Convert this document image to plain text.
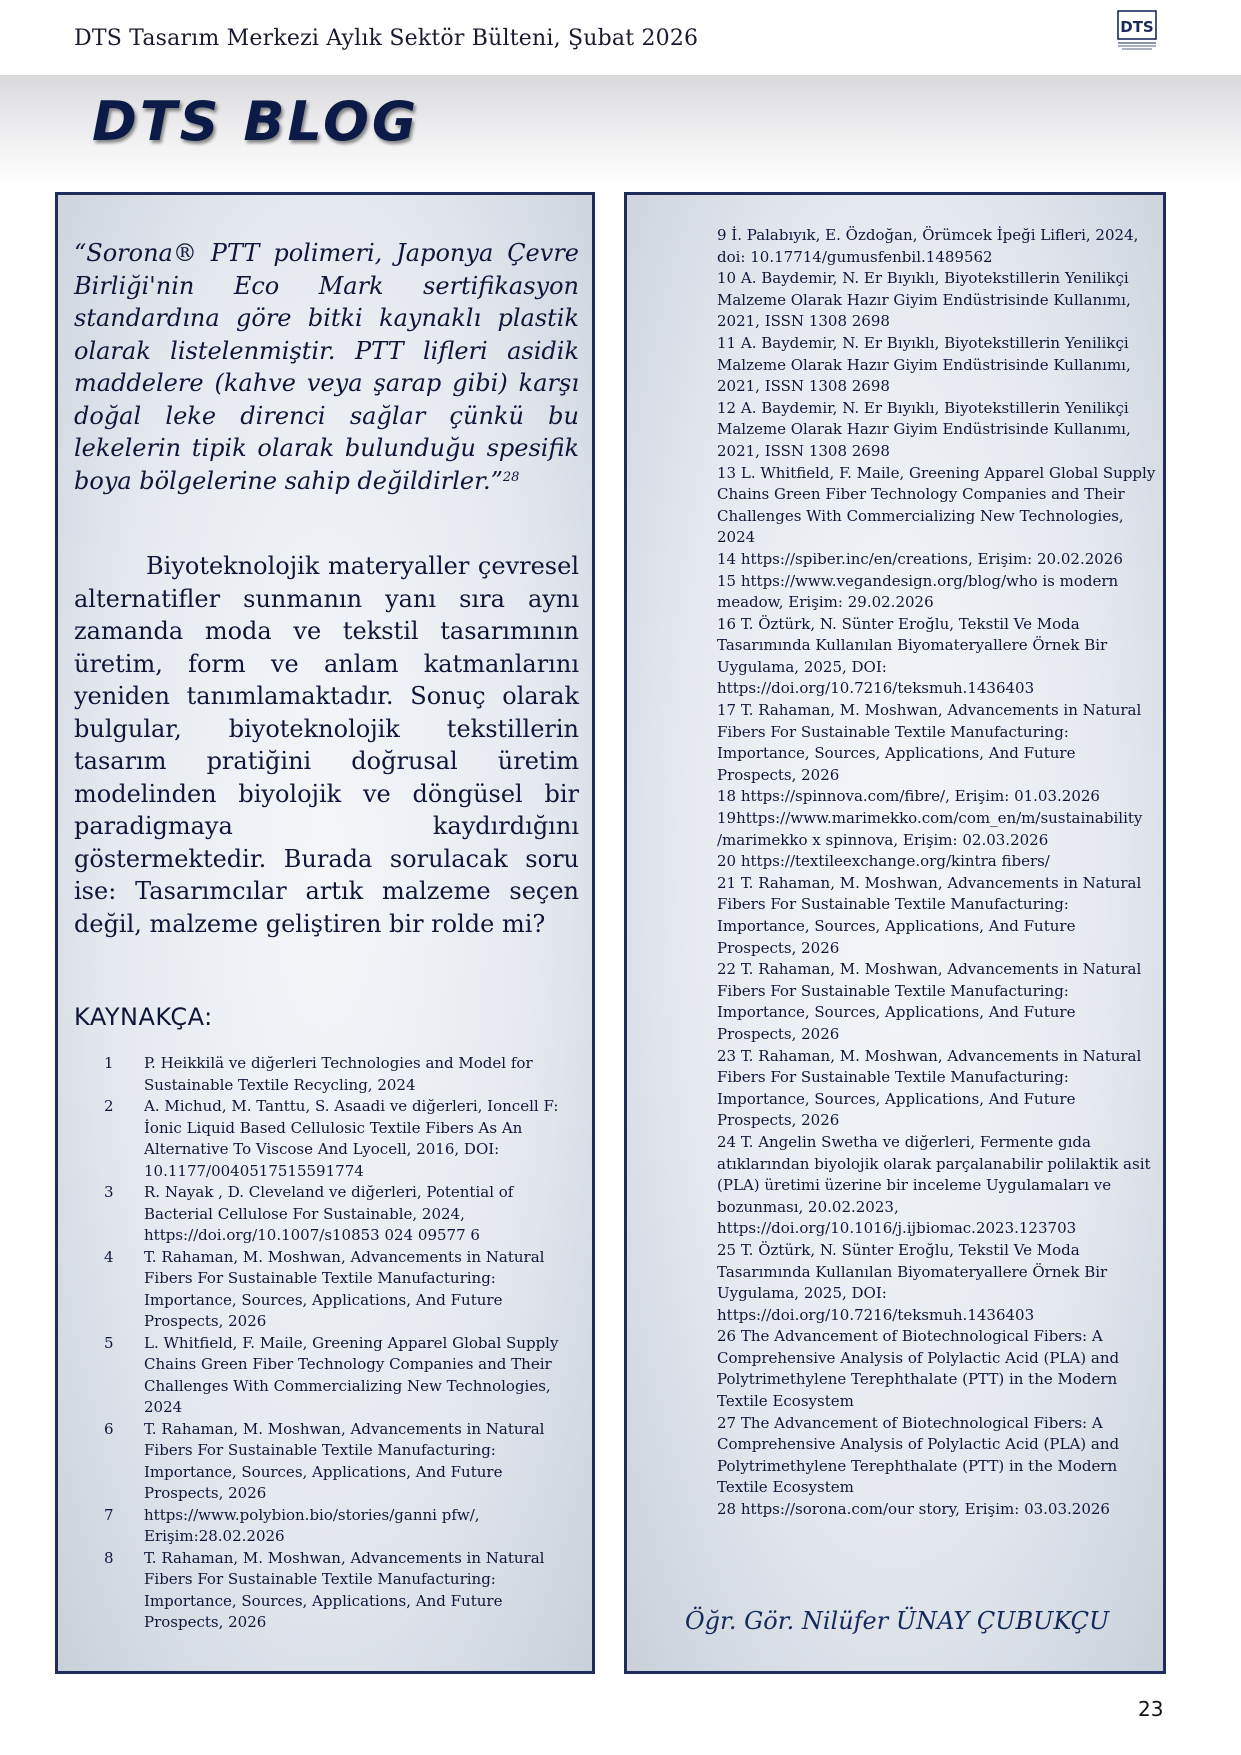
DTS Tasarım Merkezi Aylık Sektör Bülteni, Şubat 2026	DTS
DTS BLOG
“Sorona® PTT polimeri, Japonya Çevre Birliği'nin Eco Mark sertifikasyon standardına göre bitki kaynaklı plastik olarak listelenmiştir. PTT lifleri asidik maddelere (kahve veya şarap gibi) karşı doğal leke direnci sağlar çünkü bu lekelerin tipik olarak bulunduğu spesifik boya bölgelerine sahip değildirler.”$^{28}$
Biyoteknolojik materyaller çevresel alternatifler sunmanın yanı sıra aynı zamanda moda ve tekstil tasarımının üretim, form ve anlam katmanlarını yeniden tanımlamaktadır. Sonuç olarak bulgular, biyoteknolojik tekstillerin tasarım pratiğini doğrusal üretim modelinden biyolojik ve döngüsel bir paradigmaya kaydırdığını göstermektedir. Burada sorulacak soru ise: Tasarımcılar artık malzeme seçen değil, malzeme geliştiren bir rolde mi?
KAYNAKÇA:
1	P. Heikkilä ve diğerleri Technologies and Model for Sustainable Textile Recycling, 2024
2	A. Michud, M. Tanttu, S. Asaadi ve diğerleri, Ioncell F: İonic Liquid Based Cellulosic Textile Fibers As An Alternative To Viscose And Lyocell, 2016, DOI: 10.1177/0040517515591774
3	R. Nayak , D. Cleveland ve diğerleri, Potential of Bacterial Cellulose For Sustainable, 2024, https://doi.org/10.1007/s10853 024 09577 6
4	T. Rahaman, M. Moshwan, Advancements in Natural Fibers For Sustainable Textile Manufacturing: Importance, Sources, Applications, And Future Prospects, 2026
5	L. Whitfield, F. Maile, Greening Apparel Global Supply Chains Green Fiber Technology Companies and Their Challenges With Commercializing New Technologies, 2024
6	T. Rahaman, M. Moshwan, Advancements in Natural Fibers For Sustainable Textile Manufacturing: Importance, Sources, Applications, And Future Prospects, 2026
7	https://www.polybion.bio/stories/ganni pfw/, Erişim:28.02.2026
8	T. Rahaman, M. Moshwan, Advancements in Natural Fibers For Sustainable Textile Manufacturing: Importance, Sources, Applications, And Future Prospects, 2026
9 İ. Palabıyık, E. Özdoğan, Örümcek İpeği Lifleri, 2024, doi: 10.17714/gumusfenbil.1489562
10 A. Baydemir, N. Er Bıyıklı, Biyotekstillerin Yenilikçi Malzeme Olarak Hazır Giyim Endüstrisinde Kullanımı, 2021, ISSN 1308 2698
11 A. Baydemir, N. Er Bıyıklı, Biyotekstillerin Yenilikçi Malzeme Olarak Hazır Giyim Endüstrisinde Kullanımı, 2021, ISSN 1308 2698
12 A. Baydemir, N. Er Bıyıklı, Biyotekstillerin Yenilikçi Malzeme Olarak Hazır Giyim Endüstrisinde Kullanımı, 2021, ISSN 1308 2698
13 L. Whitfield, F. Maile, Greening Apparel Global Supply Chains Green Fiber Technology Companies and Their Challenges With Commercializing New Technologies, 2024
14 https://spiber.inc/en/creations, Erişim: 20.02.2026
15 https://www.vegandesign.org/blog/who is modern meadow, Erişim: 29.02.2026
16 T. Öztürk, N. Sünter Eroğlu, Tekstil Ve Moda Tasarımında Kullanılan Biyomateryallere Örnek Bir Uygulama, 2025, DOI: https://doi.org/10.7216/teksmuh.1436403
17 T. Rahaman, M. Moshwan, Advancements in Natural Fibers For Sustainable Textile Manufacturing: Importance, Sources, Applications, And Future Prospects, 2026
18 https://spinnova.com/fibre/, Erişim: 01.03.2026
19https://www.marimekko.com/com_en/m/sustainability /marimekko x spinnova, Erişim: 02.03.2026
20 https://textileexchange.org/kintra fibers/
21 T. Rahaman, M. Moshwan, Advancements in Natural Fibers For Sustainable Textile Manufacturing: Importance, Sources, Applications, And Future Prospects, 2026
22 T. Rahaman, M. Moshwan, Advancements in Natural Fibers For Sustainable Textile Manufacturing: Importance, Sources, Applications, And Future Prospects, 2026
23 T. Rahaman, M. Moshwan, Advancements in Natural Fibers For Sustainable Textile Manufacturing: Importance, Sources, Applications, And Future Prospects, 2026
24 T. Angelin Swetha ve diğerleri, Fermente gıda atıklarından biyolojik olarak parçalanabilir polilaktik asit (PLA) üretimi üzerine bir inceleme Uygulamaları ve bozunması, 20.02.2023, https://doi.org/10.1016/j.ijbiomac.2023.123703
25 T. Öztürk, N. Sünter Eroğlu, Tekstil Ve Moda Tasarımında Kullanılan Biyomateryallere Örnek Bir Uygulama, 2025, DOI: https://doi.org/10.7216/teksmuh.1436403
26 The Advancement of Biotechnological Fibers: A Comprehensive Analysis of Polylactic Acid (PLA) and Polytrimethylene Terephthalate (PTT) in the Modern Textile Ecosystem
27 The Advancement of Biotechnological Fibers: A Comprehensive Analysis of Polylactic Acid (PLA) and Polytrimethylene Terephthalate (PTT) in the Modern Textile Ecosystem
28 https://sorona.com/our story, Erişim: 03.03.2026
Öğr. Gör. Nilüfer ÜNAY ÇUBUKÇU
23
